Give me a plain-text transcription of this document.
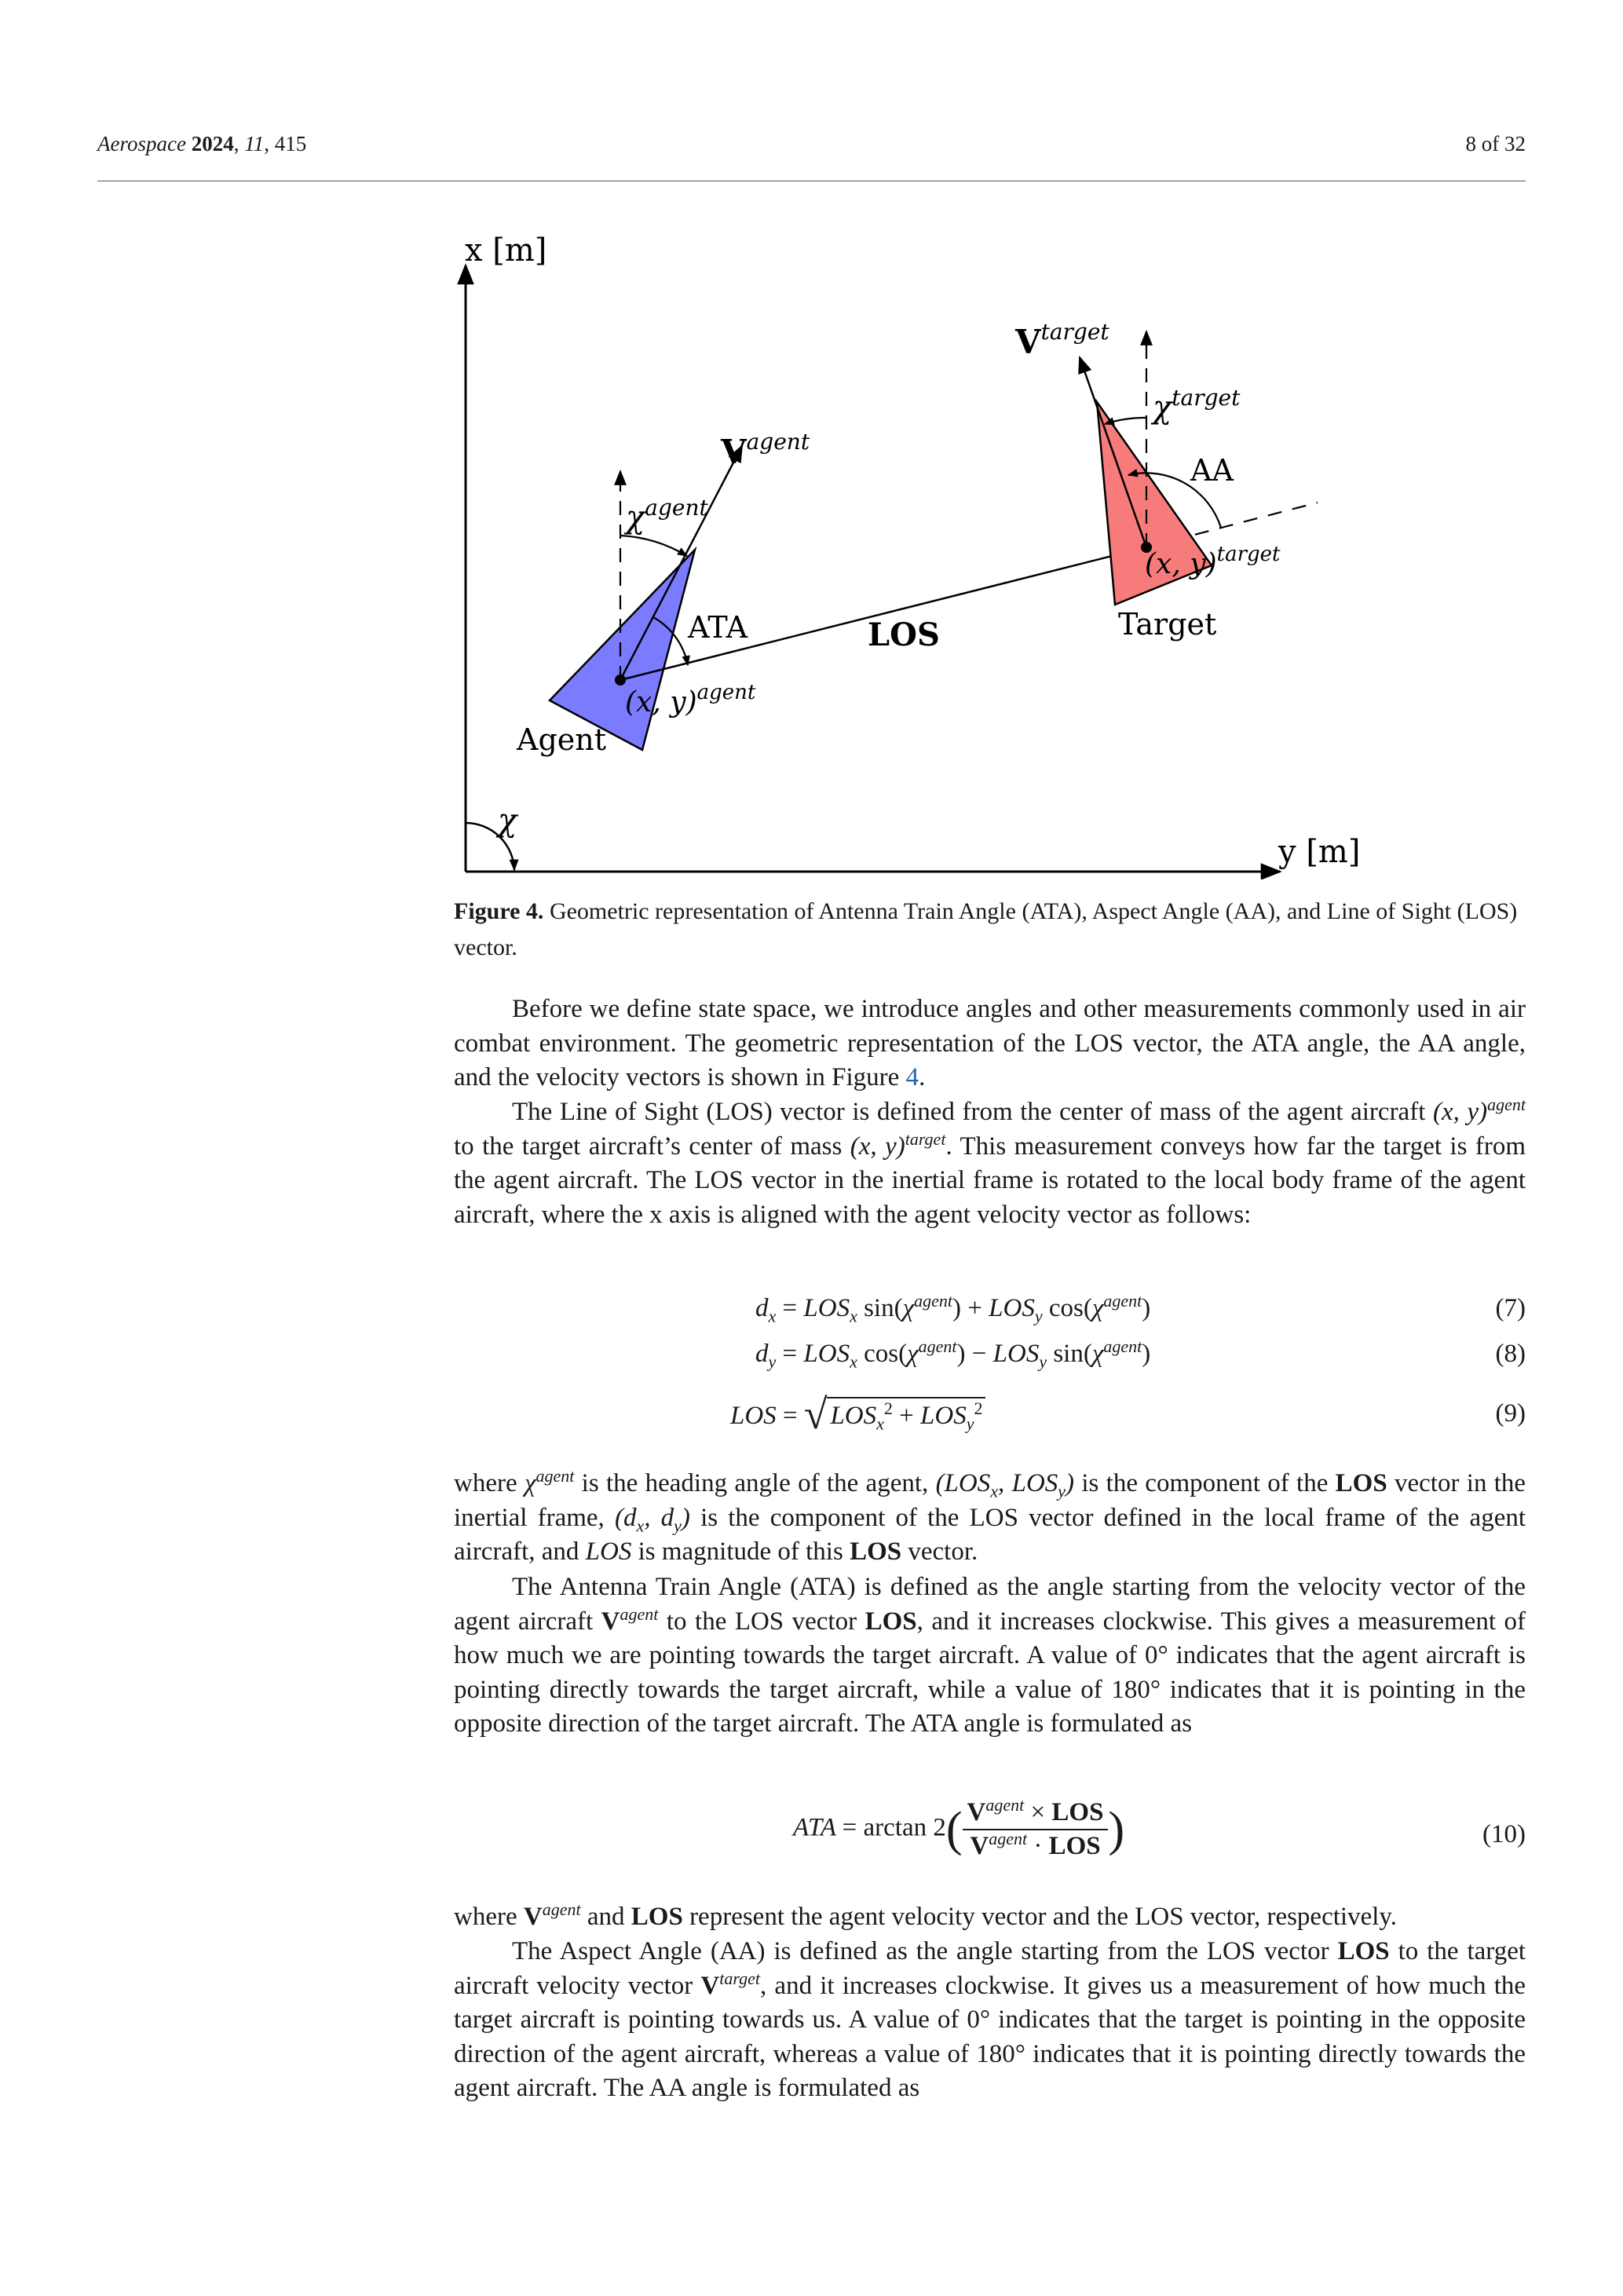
Aerospace 2024, 11, 415	8 of 32
x [m]
y [m]
χ
$V^{agent}$
$\chi^{agent}$
ATA
(x, y)$^{agent}$
Agent
LOS
$V^{target}$
$\chi^{target}$
AA
(x, y)$^{target}$
Target
Figure 4. Geometric representation of Antenna Train Angle (ATA), Aspect Angle (AA), and Line of Sight (LOS) vector.
Before we define state space, we introduce angles and other measurements commonly used in air combat environment. The geometric representation of the LOS vector, the ATA angle, the AA angle, and the velocity vectors is shown in Figure 4.
The Line of Sight (LOS) vector is defined from the center of mass of the agent aircraft (x, y)$^{agent}$ to the target aircraft’s center of mass (x, y)$^{target}$. This measurement conveys how far the target is from the agent aircraft. The LOS vector in the inertial frame is rotated to the local body frame of the agent aircraft, where the x axis is aligned with the agent velocity vector as follows:
$d_x = LOS_x$ $\sin(\chi^{agent}) + LOS_y$ $\cos(\chi^{agent})$	(7)
$d_y = LOS_x$ $\cos(\chi^{agent}) - LOS_y$ $\sin(\chi^{agent})$	(8)
LOS = √ $LOS_x^2 + LOS_y^2$	(9)
where $\chi^{agent}$ is the heading angle of the agent, ($LOS_x$, $LOS_y$) is the component of the LOS vector in the inertial frame, ($d_x$, $d_y$) is the component of the LOS vector defined in the local frame of the agent aircraft, and LOS is magnitude of this LOS vector.
The Antenna Train Angle (ATA) is defined as the angle starting from the velocity vector of the agent aircraft $V^{agent}$ to the LOS vector LOS, and it increases clockwise. This gives a measurement of how much we are pointing towards the target aircraft. A value of 0° indicates that the agent aircraft is pointing directly towards the target aircraft, while a value of 180° indicates that it is pointing in the opposite direction of the target aircraft. The ATA angle is formulated as
ATA = $\arctan 2( \frac{V^{agent} \times LOS}{V^{agent} \cdot LOS}$ )	(10)
where $V^{agent}$ and LOS represent the agent velocity vector and the LOS vector, respectively.
The Aspect Angle (AA) is defined as the angle starting from the LOS vector LOS to the target aircraft velocity vector $V^{target}$, and it increases clockwise. It gives us a measurement of how much the target aircraft is pointing towards us. A value of 0° indicates that the target is pointing in the opposite direction of the agent aircraft, whereas a value of 180° indicates that it is pointing directly towards the agent aircraft. The AA angle is formulated as
